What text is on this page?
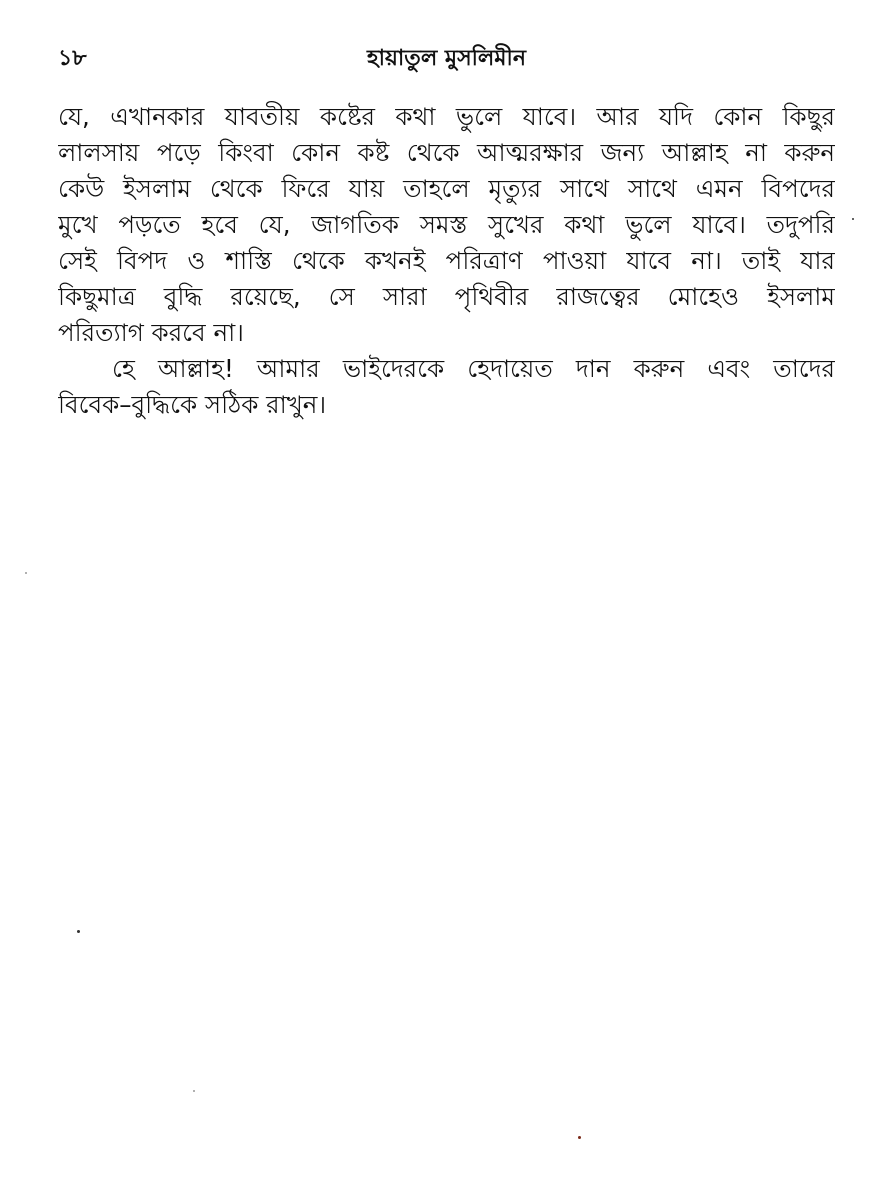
১৮	হায়াতুল মুসলিমীন
যে, এখানকার যাবতীয় কষ্টের কথা ভুলে যাবে। আর যদি কোন কিছুর
লালসায় পড়ে কিংবা কোন কষ্ট থেকে আত্মরক্ষার জন্য আল্লাহ না করুন
কেউ ইসলাম থেকে ফিরে যায় তাহলে মৃত্যুর সাথে সাথে এমন বিপদের
মুখে পড়তে হবে যে, জাগতিক সমস্ত সুখের কথা ভুলে যাবে। তদুপরি
সেই বিপদ ও শাস্তি থেকে কখনই পরিত্রাণ পাওয়া যাবে না। তাই যার
কিছুমাত্র বুদ্ধি রয়েছে, সে সারা পৃথিবীর রাজত্বের মোহেও ইসলাম
পরিত্যাগ করবে না।
হে আল্লাহ! আমার ভাইদেরকে হেদায়েত দান করুন এবং তাদের
বিবেক–বুদ্ধিকে সঠিক রাখুন।
